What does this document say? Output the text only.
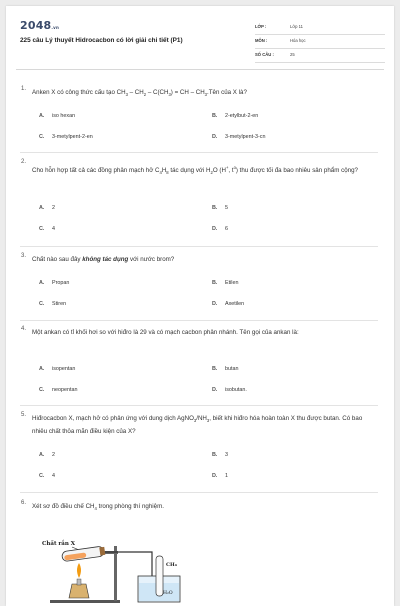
2048.vn
225 câu Lý thuyết Hidrocacbon có lời giải chi tiết (P1)
LỚP :	Lớp 11
MÔN :	Hóa học
SỐ CÂU :	25
1. Anken X có công thức cấu tạo $CH_3 - CH_2 - C(CH_3)$ = CH – $CH_3.Tên$ của X là?
A. iso hexan	B. 2-etylbut-2-en
C. 3-metylpent-2-en	D. 3-metylpent-3-cn
2.
Cho hỗn hợp tất cả các đồng phân mạch hở $C_4H_8$ tác dụng với $H_2O$ (H+, $t^o$) thu được tối đa bao nhiêu sản phẩm cộng?
A. 2	B. 5
C. 4	D. 6
3. Chất nào sau đây không tác dụng với nước brom?
A. Propan	B. Etilen
C. Stiren	D. Axetilen
4. Một ankan có tỉ khối hơi so với hiđro là 29 và có mạch cacbon phân nhánh. Tên gọi của ankan là:
A. isopentan	B. butan
C. neopentan	D. isobutan.
5. Hiđrocacbon X, mạch hở có phản ứng với dung dịch $AgNO_3/NH_3$, biết khi hiđro hóa hoàn toàn X thu được butan. Có bao nhiêu chất thỏa mãn điều kiện của X?
A. 2	B. 3
C. 4	D. 1
6. Xét sơ đồ điều chế $CH_4$ trong phòng thí nghiệm.
Chất rắn X
CH₄
H₂O
